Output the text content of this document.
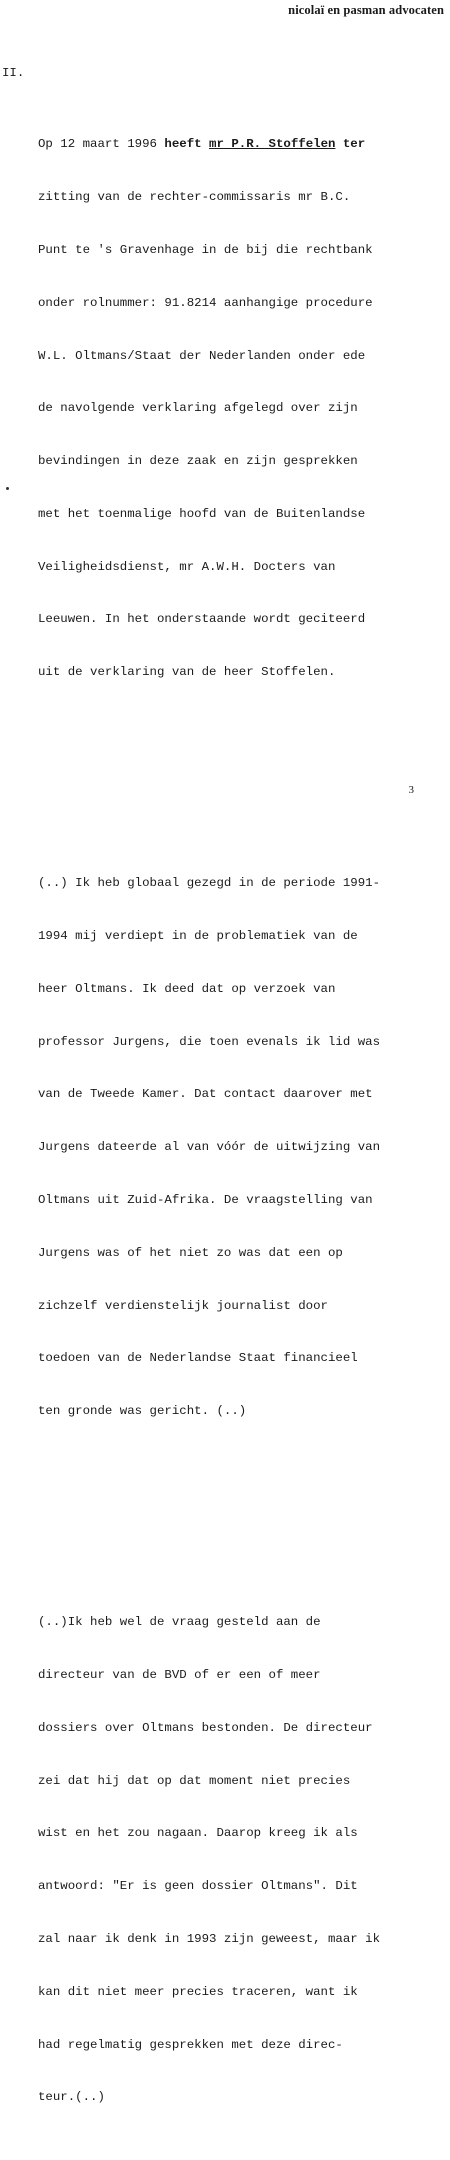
nicolaï en pasman advocaten
II.

Op 12 maart 1996 heeft mr P.R. Stoffelen ter

zitting van de rechter-commissaris mr B.C.

Punt te 's Gravenhage in de bij die rechtbank

onder rolnummer: 91.8214 aanhangige procedure

W.L. Oltmans/Staat der Nederlanden onder ede

de navolgende verklaring afgelegd over zijn

bevindingen in deze zaak en zijn gesprekken

met het toenmalige hoofd van de Buitenlandse

Veiligheidsdienst, mr A.W.H. Docters van

Leeuwen. In het onderstaande wordt geciteerd

uit de verklaring van de heer Stoffelen.

(..) Ik heb globaal gezegd in de periode 1991-

1994 mij verdiept in de problematiek van de

heer Oltmans. Ik deed dat op verzoek van

professor Jurgens, die toen evenals ik lid was

van de Tweede Kamer. Dat contact daarover met

Jurgens dateerde al van vóór de uitwijzing van

Oltmans uit Zuid-Afrika. De vraagstelling van

Jurgens was of het niet zo was dat een op

zichzelf verdienstelijk journalist door

toedoen van de Nederlandse Staat financieel

ten gronde was gericht. (..)

(..)Ik heb wel de vraag gesteld aan de

directeur van de BVD of er een of meer

dossiers over Oltmans bestonden. De directeur

zei dat hij dat op dat moment niet precies

wist en het zou nagaan. Daarop kreeg ik als

antwoord: "Er is geen dossier Oltmans". Dit

zal naar ik denk in 1993 zijn geweest, maar ik

kan dit niet meer precies traceren, want ik

had regelmatig gesprekken met deze direc-

teur.(..)

3
